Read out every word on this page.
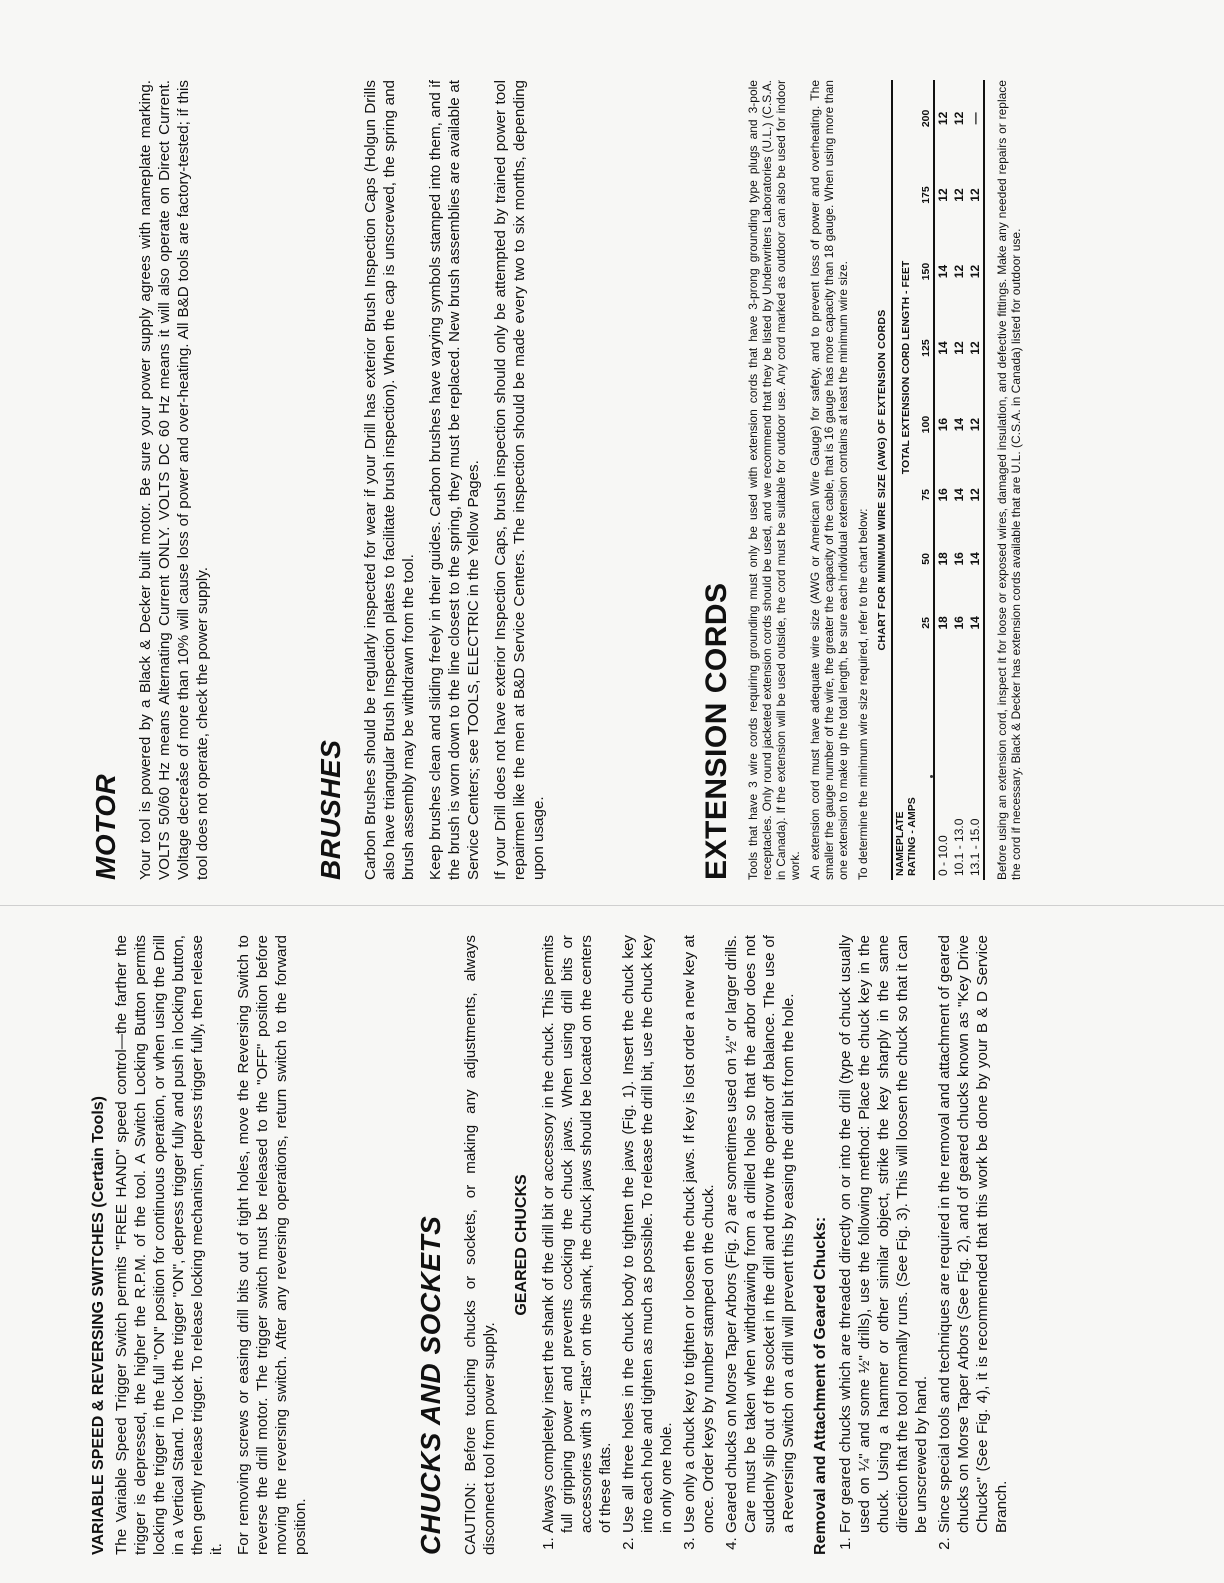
MOTOR Your tool is powered by a Black & Decker built motor. Be sure your power supply agrees with nameplate marking. VOLTS 50/60 Hz means Alternating Current ONLY. VOLTS DC 60 Hz means it will also operate on Direct Current. Voltage decrease of more than 10% will cause loss of power and over-heating. All B&D tools are factory-tested; if this tool does not operate, check the power supply.	BRUSHES Carbon Brushes should be regularly inspected for wear if your Drill has exterior Brush Inspection Caps (Holgun Drills also have triangular Brush Inspection plates to facilitate brush inspection). When the cap is unscrewed, the spring and brush assembly may be withdrawn from the tool. Keep brushes clean and sliding freely in their guides. Carbon brushes have varying symbols stamped into them, and if the brush is worn down to the line closest to the spring, they must be replaced. New brush assemblies are available at Service Centers; see TOOLS, ELECTRIC in the Yellow Pages. If your Drill does not have exterior Inspection Caps, brush inspection should only be attempted by trained power tool repairmen like the men at B&D Service Centers. The inspection should be made every two to six months, depending upon usage.	EXTENSION CORDS Tools that have 3 wire cords requiring grounding must only be used with extension cords that have 3-prong grounding type plugs and 3-pole receptacles. Only round jacketed extension cords should be used, and we recommend that they be listed by Underwriters Laboratories (U.L.) (C.S.A. in Canada). If the extension will be used outside, the cord must be suitable for outdoor use. Any cord marked as outdoor can also be used for indoor work. An extension cord must have adequate wire size (AWG or American Wire Gauge) for safety, and to prevent loss of power and overheating. The smaller the gauge number of the wire, the greater the capacity of the cable, that is 16 gauge has more capacity than 18 gauge. When using more than one extension to make up the total length, be sure each individual extension contains at least the minimum wire size. To determine the minimum wire size required, refer to the chart below:

CHART FOR MINIMUM WIRE SIZE (AWG) OF EXTENSION CORDS
NAMEPLATE
RATING - AMPS	TOTAL EXTENSION CORD LENGTH - FEET							
	25	50	75	100	125	150	175	200
0 - 10.0	18	18	16	16	14	14	12	12
10.1 - 13.0	16	16	14	14	12	12	12	12
13.1 - 15.0	14	14	12	12	12	12	12	— Before using an extension cord, inspect it for loose or exposed wires, damaged insulation, and defective fittings. Make any needed repairs or replace the cord if necessary. Black & Decker has extension cords available that are U.L. (C.S.A. in Canada) listed for outdoor use.

VARIABLE SPEED & REVERSING SWITCHES (Certain Tools) The Variable Speed Trigger Switch permits "FREE HAND" speed control—the farther the trigger is depressed, the higher the R.P.M. of the tool. A Switch Locking Button permits locking the trigger in the full "ON" position for continuous operation, or when using the Drill in a Vertical Stand. To lock the trigger "ON", depress trigger fully and push in locking button, then gently release trigger. To release locking mechanism, depress trigger fully, then release it. For removing screws or easing drill bits out of tight holes, move the Reversing Switch to reverse the drill motor. The trigger switch must be released to the "OFF" position before moving the reversing switch. After any reversing operations, return switch to the forward position.	CHUCKS AND SOCKETS CAUTION: Before touching chucks or sockets, or making any adjustments, always disconnect tool from power supply.

GEARED CHUCKS 1. Always completely insert the shank of the drill bit or accessory in the chuck. This permits full gripping power and prevents cocking the chuck jaws. When using drill bits or accessories with 3 "Flats" on the shank, the chuck jaws should be located on the centers of these flats. 2. Use all three holes in the chuck body to tighten the jaws (Fig. 1). Insert the chuck key into each hole and tighten as much as possible. To release the drill bit, use the chuck key in only one hole. 3. Use only a chuck key to tighten or loosen the chuck jaws. If key is lost order a new key at once. Order keys by number stamped on the chuck. 4. Geared chucks on Morse Taper Arbors (Fig. 2) are sometimes used on ½" or larger drills. Care must be taken when withdrawing from a drilled hole so that the arbor does not suddenly slip out of the socket in the drill and throw the operator off balance. The use of a Reversing Switch on a drill will prevent this by easing the drill bit from the hole. Removal and Attachment of Geared Chucks: 1. For geared chucks which are threaded directly on or into the drill (type of chuck usually used on ¼" and some ½" drills), use the following method: Place the chuck key in the chuck. Using a hammer or other similar object, strike the key sharply in the same direction that the tool normally runs. (See Fig. 3). This will loosen the chuck so that it can be unscrewed by hand. 2. Since special tools and techniques are required in the removal and attachment of geared chucks on Morse Taper Arbors (See Fig. 2), and of geared chucks known as "Key Drive Chucks" (See Fig. 4), it is recommended that this work be done by your B & D Service Branch.
